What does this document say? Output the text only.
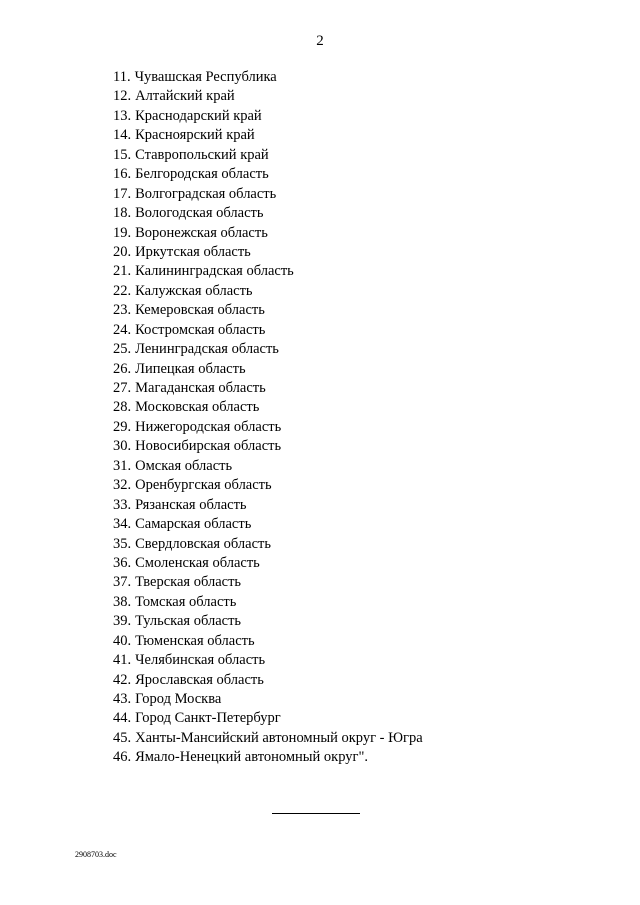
2
11. Чувашская Республика
12. Алтайский край
13. Краснодарский край
14. Красноярский край
15. Ставропольский край
16. Белгородская область
17. Волгоградская область
18. Вологодская область
19. Воронежская область
20. Иркутская область
21. Калининградская область
22. Калужская область
23. Кемеровская область
24. Костромская область
25. Ленинградская область
26. Липецкая область
27. Магаданская область
28. Московская область
29. Нижегородская область
30. Новосибирская область
31. Омская область
32. Оренбургская область
33. Рязанская область
34. Самарская область
35. Свердловская область
36. Смоленская область
37. Тверская область
38. Томская область
39. Тульская область
40. Тюменская область
41. Челябинская область
42. Ярославская область
43. Город Москва
44. Город Санкт-Петербург
45. Ханты-Мансийский автономный округ - Югра
46. Ямало-Ненецкий автономный округ".
2908703.doc
